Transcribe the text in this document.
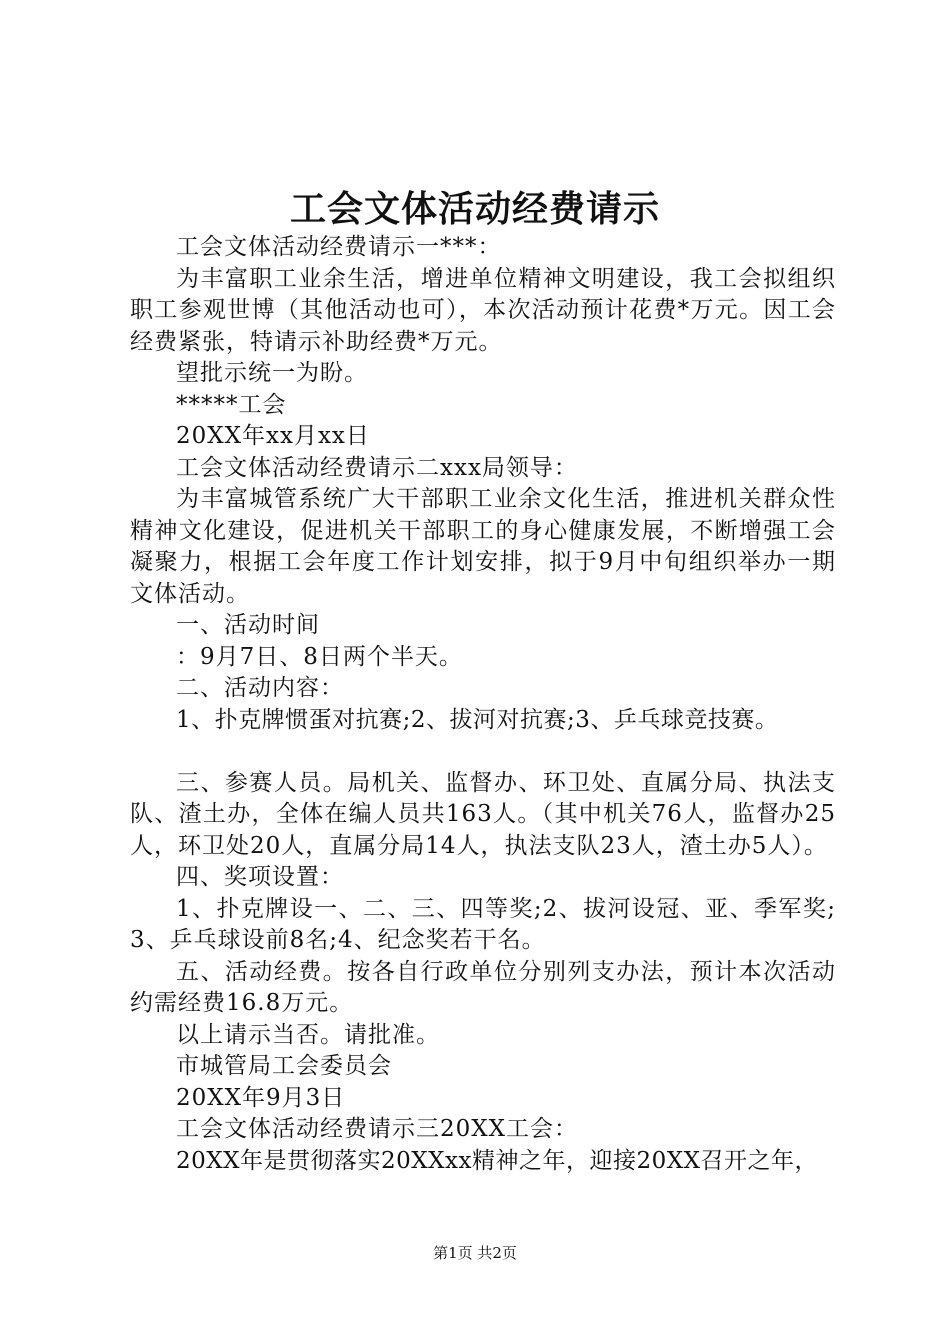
工会文体活动经费请示

工会文体活动经费请示一***：

为丰富职工业余生活，增进单位精神文明建设，我工会拟组织职工参观世博（其他活动也可），本次活动预计花费*万元。因工会经费紧张，特请示补助经费*万元。

望批示统一为盼。

*****工会

20XX年xx月xx日

工会文体活动经费请示二xxx局领导：

为丰富城管系统广大干部职工业余文化生活，推进机关群众性精神文化建设，促进机关干部职工的身心健康发展，不断增强工会凝聚力，根据工会年度工作计划安排，拟于9月中旬组织举办一期文体活动。

一、活动时间

：9月7日、8日两个半天。

二、活动内容：

1、扑克牌惯蛋对抗赛;2、拔河对抗赛;3、乒乓球竞技赛。

三、参赛人员。局机关、监督办、环卫处、直属分局、执法支队、渣土办，全体在编人员共163人。（其中机关76人，监督办25人，环卫处20人，直属分局14人，执法支队23人，渣土办5人）。

四、奖项设置：

1、扑克牌设一、二、三、四等奖;2、拔河设冠、亚、季军奖;3、乒乓球设前8名;4、纪念奖若干名。

五、活动经费。按各自行政单位分别列支办法，预计本次活动约需经费16.8万元。

以上请示当否。请批准。

市城管局工会委员会

20XX年9月3日

工会文体活动经费请示三20XX工会：

20XX年是贯彻落实20XXxx精神之年，迎接20XX召开之年，

第1页 共2页
